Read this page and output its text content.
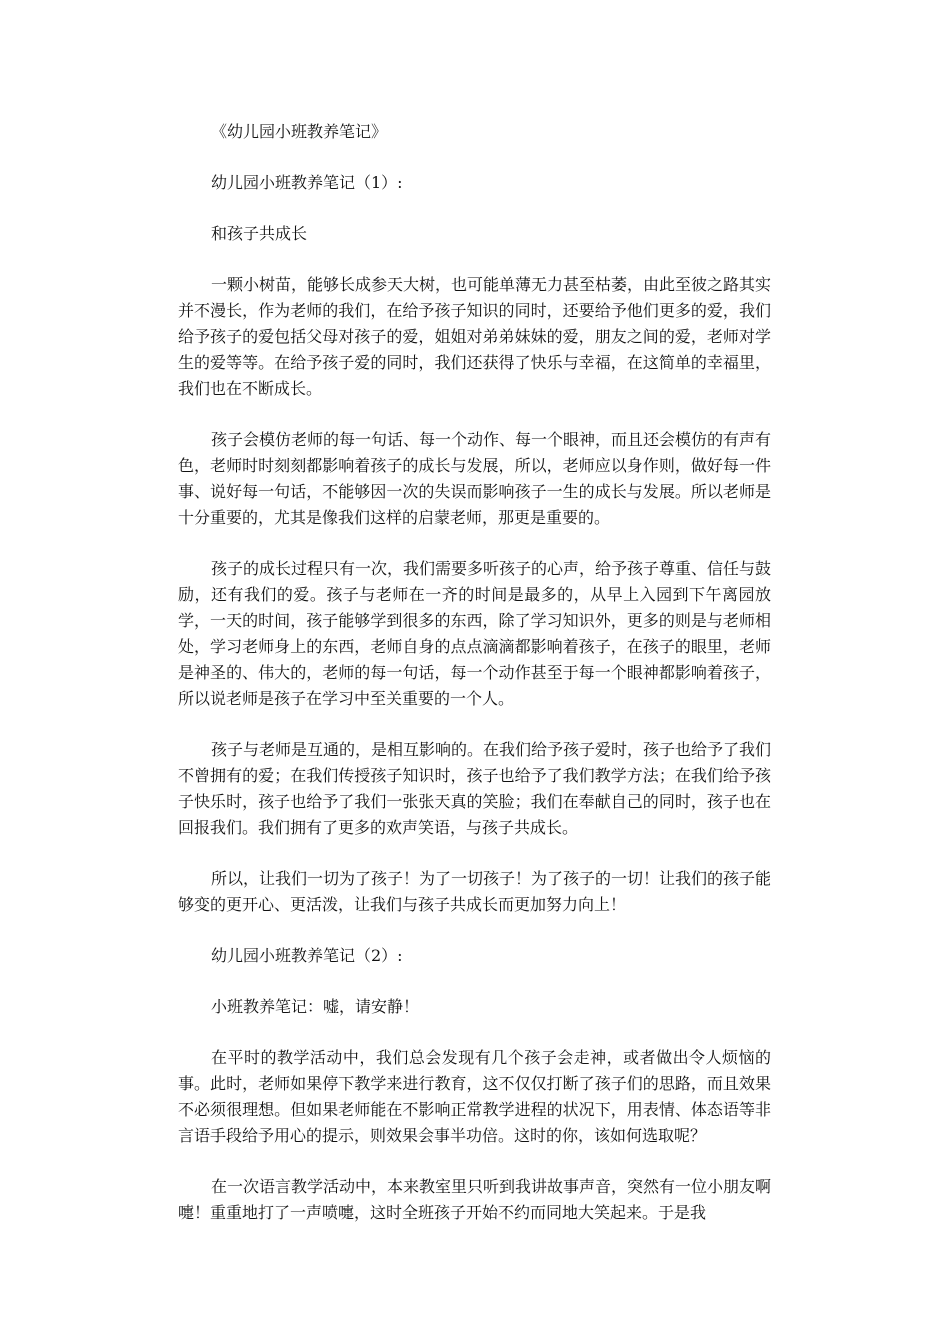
《幼儿园小班教养笔记》

幼儿园小班教养笔记（1）:

和孩子共成长

一颗小树苗，能够长成参天大树，也可能单薄无力甚至枯萎，由此至彼之路其实并不漫长，作为老师的我们，在给予孩子知识的同时，还要给予他们更多的爱，我们给予孩子的爱包括父母对孩子的爱，姐姐对弟弟妹妹的爱，朋友之间的爱，老师对学生的爱等等。在给予孩子爱的同时，我们还获得了快乐与幸福，在这简单的幸福里，我们也在不断成长。

孩子会模仿老师的每一句话、每一个动作、每一个眼神，而且还会模仿的有声有色，老师时时刻刻都影响着孩子的成长与发展，所以，老师应以身作则，做好每一件事、说好每一句话，不能够因一次的失误而影响孩子一生的成长与发展。所以老师是十分重要的，尤其是像我们这样的启蒙老师，那更是重要的。

孩子的成长过程只有一次，我们需要多听孩子的心声，给予孩子尊重、信任与鼓励，还有我们的爱。孩子与老师在一齐的时间是最多的，从早上入园到下午离园放学，一天的时间，孩子能够学到很多的东西，除了学习知识外，更多的则是与老师相处，学习老师身上的东西，老师自身的点点滴滴都影响着孩子，在孩子的眼里，老师是神圣的、伟大的，老师的每一句话，每一个动作甚至于每一个眼神都影响着孩子，所以说老师是孩子在学习中至关重要的一个人。

孩子与老师是互通的，是相互影响的。在我们给予孩子爱时，孩子也给予了我们不曾拥有的爱；在我们传授孩子知识时，孩子也给予了我们教学方法；在我们给予孩子快乐时，孩子也给予了我们一张张天真的笑脸；我们在奉献自己的同时，孩子也在回报我们。我们拥有了更多的欢声笑语，与孩子共成长。

所以，让我们一切为了孩子！为了一切孩子！为了孩子的一切！让我们的孩子能够变的更开心、更活泼，让我们与孩子共成长而更加努力向上！

幼儿园小班教养笔记（2）:

小班教养笔记：嘘，请安静！

在平时的教学活动中，我们总会发现有几个孩子会走神，或者做出令人烦恼的事。此时，老师如果停下教学来进行教育，这不仅仅打断了孩子们的思路，而且效果不必须很理想。但如果老师能在不影响正常教学进程的状况下，用表情、体态语等非言语手段给予用心的提示，则效果会事半功倍。这时的你，该如何选取呢？

在一次语言教学活动中，本来教室里只听到我讲故事声音，突然有一位小朋友啊嚏！重重地打了一声喷嚏，这时全班孩子开始不约而同地大笑起来。于是我
